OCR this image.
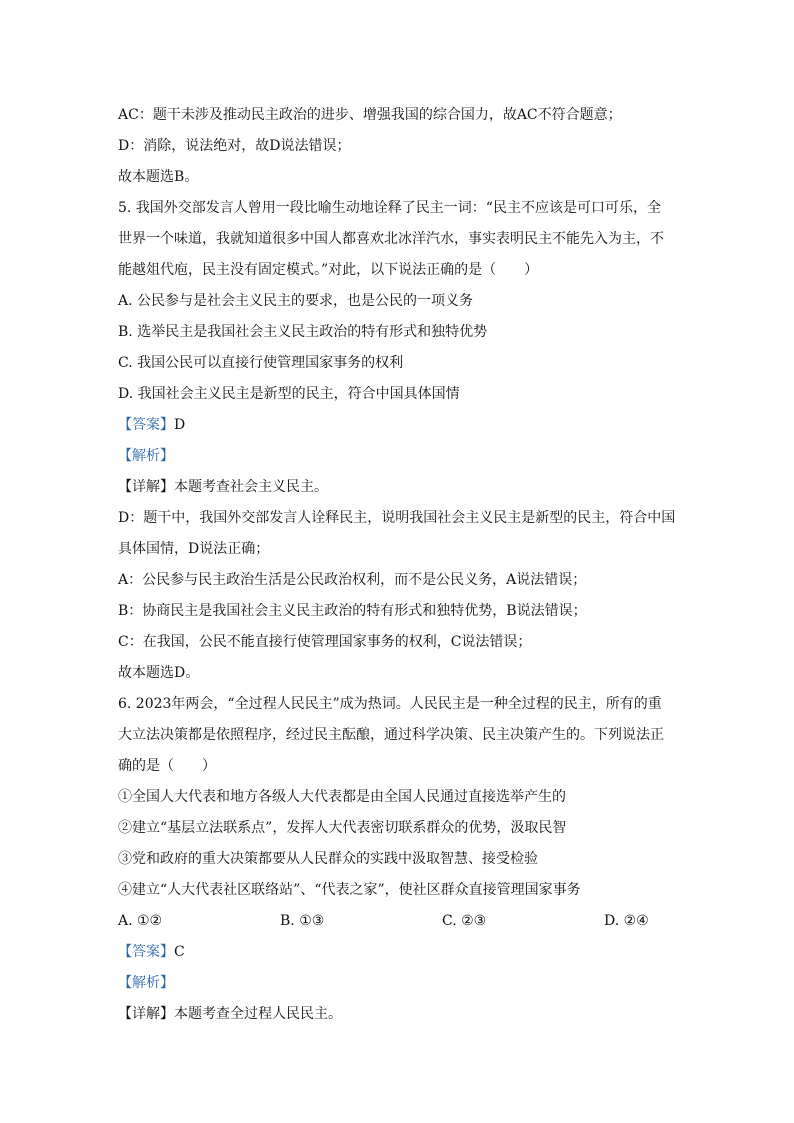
AC：题干未涉及推动民主政治的进步、增强我国的综合国力，故AC不符合题意；
D：消除，说法绝对，故D说法错误；
故本题选B。
5. 我国外交部发言人曾用一段比喻生动地诠释了民主一词：“民主不应该是可口可乐，全
世界一个味道，我就知道很多中国人都喜欢北冰洋汽水，事实表明民主不能先入为主，不
能越俎代庖，民主没有固定模式。”对此，以下说法正确的是（　　）
A. 公民参与是社会主义民主的要求，也是公民的一项义务
B. 选举民主是我国社会主义民主政治的特有形式和独特优势
C. 我国公民可以直接行使管理国家事务的权利
D. 我国社会主义民主是新型的民主，符合中国具体国情
【答案】D
【解析】
【详解】本题考查社会主义民主。
D：题干中，我国外交部发言人诠释民主，说明我国社会主义民主是新型的民主，符合中国
具体国情，D说法正确；
A：公民参与民主政治生活是公民政治权利，而不是公民义务，A说法错误；
B：协商民主是我国社会主义民主政治的特有形式和独特优势，B说法错误；
C：在我国，公民不能直接行使管理国家事务的权利，C说法错误；
故本题选D。
6. 2023年两会，“全过程人民民主”成为热词。人民民主是一种全过程的民主，所有的重
大立法决策都是依照程序，经过民主酝酿，通过科学决策、民主决策产生的。下列说法正
确的是（　　）
①全国人大代表和地方各级人大代表都是由全国人民通过直接选举产生的
②建立“基层立法联系点”，发挥人大代表密切联系群众的优势，汲取民智
③党和政府的重大决策都要从人民群众的实践中汲取智慧、接受检验
④建立“人大代表社区联络站”、“代表之家”，使社区群众直接管理国家事务
A. ①②	B. ①③	C. ②③	D. ②④
【答案】C
【解析】
【详解】本题考查全过程人民民主。
